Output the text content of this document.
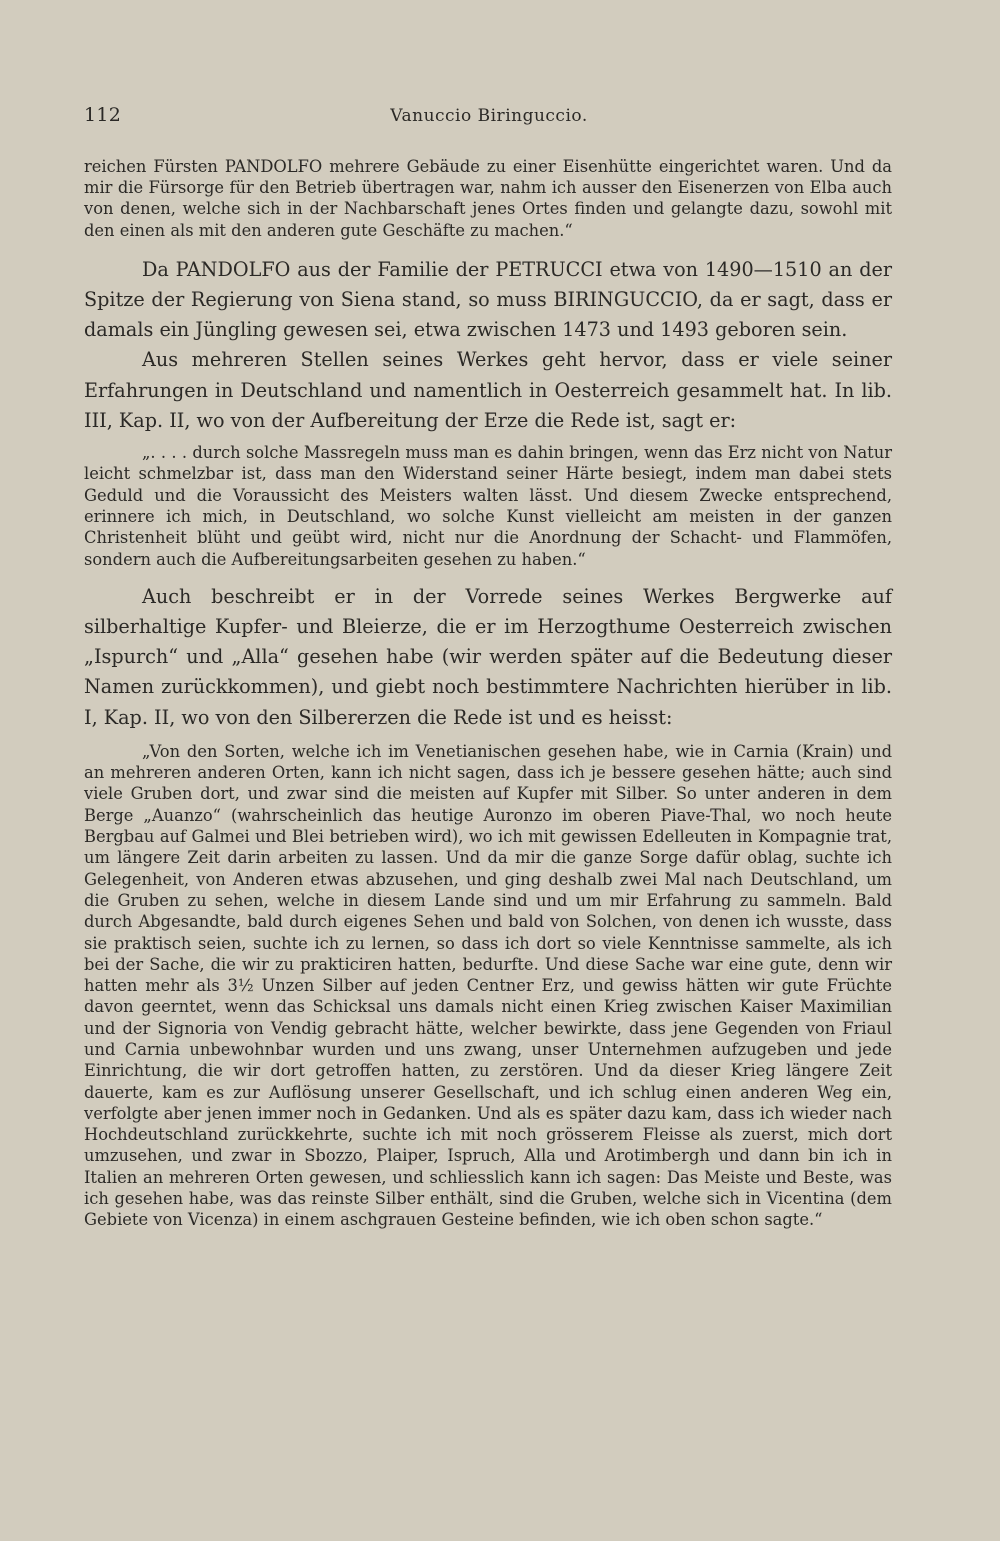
112	Vanuccio Biringuccio.

reichen Fürsten PANDOLFO mehrere Gebäude zu einer Eisenhütte eingerichtet waren. Und da mir die Fürsorge für den Betrieb übertragen war, nahm ich ausser den Eisenerzen von Elba auch von denen, welche sich in der Nachbarschaft jenes Ortes finden und gelangte dazu, sowohl mit den einen als mit den anderen gute Geschäfte zu machen.“

Da PANDOLFO aus der Familie der PETRUCCI etwa von 1490—1510 an der Spitze der Regierung von Siena stand, so muss BIRINGUCCIO, da er sagt, dass er damals ein Jüngling gewesen sei, etwa zwischen 1473 und 1493 geboren sein.

Aus mehreren Stellen seines Werkes geht hervor, dass er viele seiner Erfahrungen in Deutschland und namentlich in Oesterreich gesammelt hat. In lib. III, Kap. II, wo von der Aufbereitung der Erze die Rede ist, sagt er:

„. . . . durch solche Massregeln muss man es dahin bringen, wenn das Erz nicht von Natur leicht schmelzbar ist, dass man den Widerstand seiner Härte besiegt, indem man dabei stets Geduld und die Voraussicht des Meisters walten lässt. Und diesem Zwecke entsprechend, erinnere ich mich, in Deutschland, wo solche Kunst vielleicht am meisten in der ganzen Christenheit blüht und geübt wird, nicht nur die Anordnung der Schacht- und Flammöfen, sondern auch die Aufbereitungsarbeiten gesehen zu haben.“

Auch beschreibt er in der Vorrede seines Werkes Bergwerke auf silberhaltige Kupfer- und Bleierze, die er im Herzogthume Oesterreich zwischen „Ispurch“ und „Alla“ gesehen habe (wir werden später auf die Bedeutung dieser Namen zurückkommen), und giebt noch bestimmtere Nachrichten hierüber in lib. I, Kap. II, wo von den Silbererzen die Rede ist und es heisst:

„Von den Sorten, welche ich im Venetianischen gesehen habe, wie in Carnia (Krain) und an mehreren anderen Orten, kann ich nicht sagen, dass ich je bessere gesehen hätte; auch sind viele Gruben dort, und zwar sind die meisten auf Kupfer mit Silber. So unter anderen in dem Berge „Auanzo“ (wahrscheinlich das heutige Auronzo im oberen Piave-Thal, wo noch heute Bergbau auf Galmei und Blei betrieben wird), wo ich mit gewissen Edelleuten in Kompagnie trat, um längere Zeit darin arbeiten zu lassen. Und da mir die ganze Sorge dafür oblag, suchte ich Gelegenheit, von Anderen etwas abzusehen, und ging deshalb zwei Mal nach Deutschland, um die Gruben zu sehen, welche in diesem Lande sind und um mir Erfahrung zu sammeln. Bald durch Abgesandte, bald durch eigenes Sehen und bald von Solchen, von denen ich wusste, dass sie praktisch seien, suchte ich zu lernen, so dass ich dort so viele Kenntnisse sammelte, als ich bei der Sache, die wir zu prakticiren hatten, bedurfte. Und diese Sache war eine gute, denn wir hatten mehr als 3½ Unzen Silber auf jeden Centner Erz, und gewiss hätten wir gute Früchte davon geerntet, wenn das Schicksal uns damals nicht einen Krieg zwischen Kaiser Maximilian und der Signoria von Vendig gebracht hätte, welcher bewirkte, dass jene Gegenden von Friaul und Carnia unbewohnbar wurden und uns zwang, unser Unternehmen aufzugeben und jede Einrichtung, die wir dort getroffen hatten, zu zerstören. Und da dieser Krieg längere Zeit dauerte, kam es zur Auflösung unserer Gesellschaft, und ich schlug einen anderen Weg ein, verfolgte aber jenen immer noch in Gedanken. Und als es später dazu kam, dass ich wieder nach Hochdeutschland zurückkehrte, suchte ich mit noch grösserem Fleisse als zuerst, mich dort umzusehen, und zwar in Sbozzo, Plaiper, Ispruch, Alla und Arotimbergh und dann bin ich in Italien an mehreren Orten gewesen, und schliesslich kann ich sagen: Das Meiste und Beste, was ich gesehen habe, was das reinste Silber enthält, sind die Gruben, welche sich in Vicentina (dem Gebiete von Vicenza) in einem aschgrauen Gesteine befinden, wie ich oben schon sagte.“
